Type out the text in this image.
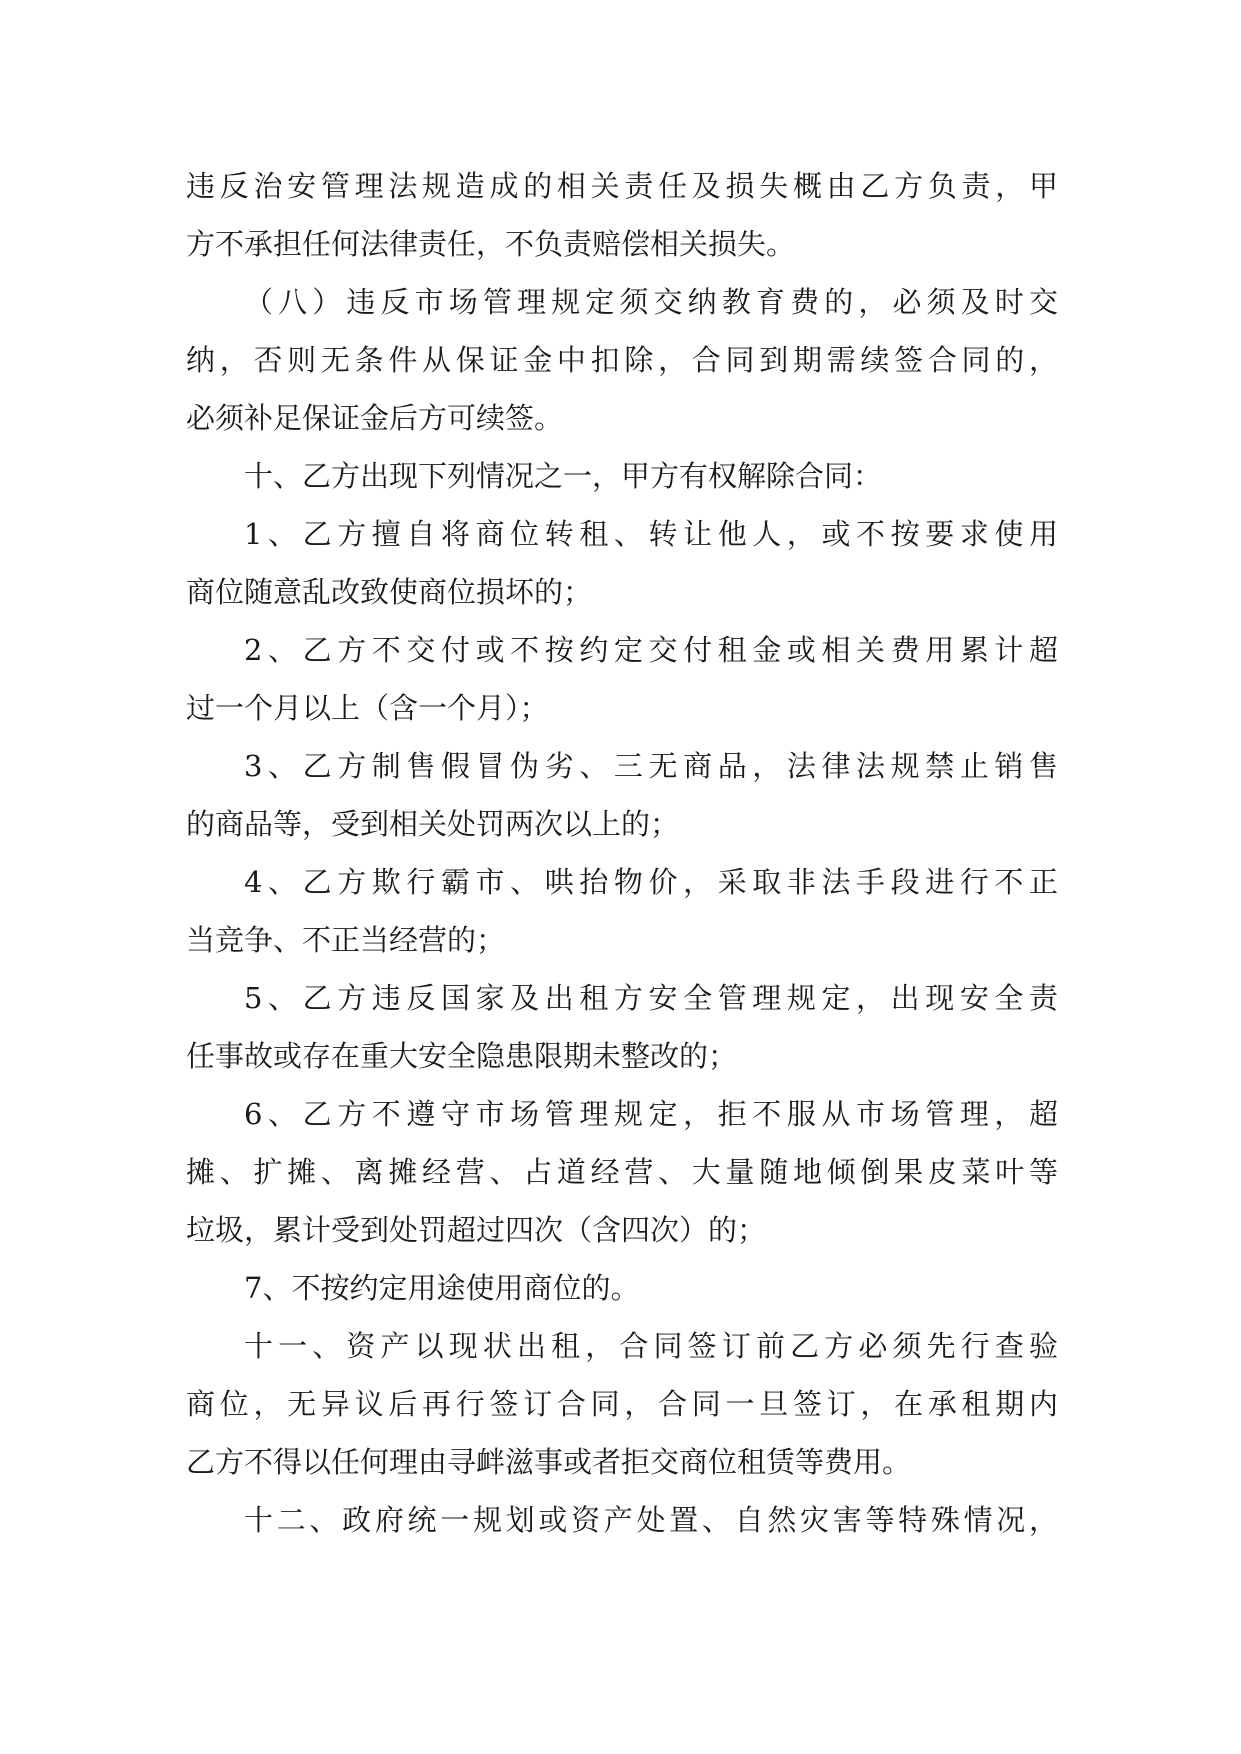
违反治安管理法规造成的相关责任及损失概由乙方负责，甲
方不承担任何法律责任，不负责赔偿相关损失。
（八）违反市场管理规定须交纳教育费的，必须及时交
纳，否则无条件从保证金中扣除，合同到期需续签合同的，
必须补足保证金后方可续签。
十、乙方出现下列情况之一，甲方有权解除合同：
1、乙方擅自将商位转租、转让他人，或不按要求使用
商位随意乱改致使商位损坏的；
2、乙方不交付或不按约定交付租金或相关费用累计超
过一个月以上（含一个月）；
3、乙方制售假冒伪劣、三无商品，法律法规禁止销售
的商品等，受到相关处罚两次以上的；
4、乙方欺行霸市、哄抬物价，采取非法手段进行不正
当竞争、不正当经营的；
5、乙方违反国家及出租方安全管理规定，出现安全责
任事故或存在重大安全隐患限期未整改的；
6、乙方不遵守市场管理规定，拒不服从市场管理，超
摊、扩摊、离摊经营、占道经营、大量随地倾倒果皮菜叶等
垃圾，累计受到处罚超过四次（含四次）的；
7、不按约定用途使用商位的。
十一、资产以现状出租，合同签订前乙方必须先行查验
商位，无异议后再行签订合同，合同一旦签订，在承租期内
乙方不得以任何理由寻衅滋事或者拒交商位租赁等费用。
十二、政府统一规划或资产处置、自然灾害等特殊情况，
